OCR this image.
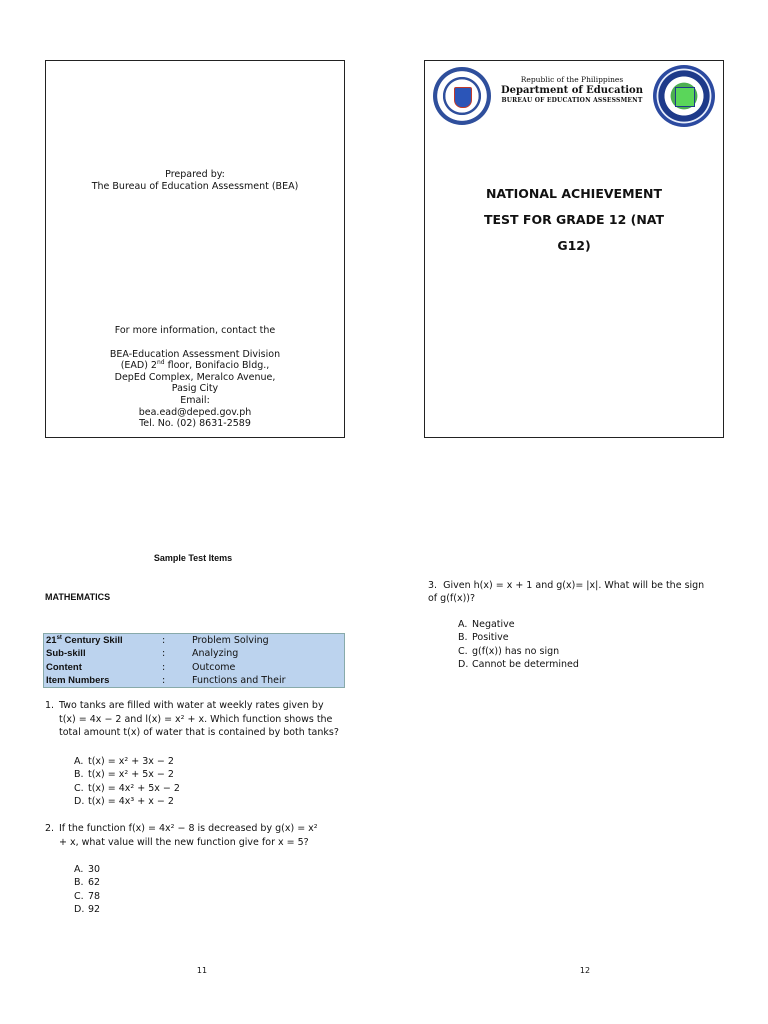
Prepared by:
The Bureau of Education Assessment (BEA)
For more information, contact the
BEA-Education Assessment Division
(EAD) 2nd floor, Bonifacio Bldg.,
DepEd Complex, Meralco Avenue,
Pasig City
Email:
bea.ead@deped.gov.ph
Tel. No. (02) 8631-2589
Republic of the Philippines
Department of Education
BUREAU OF EDUCATION ASSESSMENT
NATIONAL ACHIEVEMENT
TEST FOR GRADE 12 (NAT
G12)
Sample Test Items
MATHEMATICS
21st Century Skill	:	Problem Solving
Sub-skill	:	Analyzing
Content	:	Outcome
Item Numbers	:	Functions and Their
1. Two tanks are filled with water at weekly rates given by
t(x) = 4x − 2 and l(x) = x² + x. Which function shows the
total amount t(x) of water that is contained by both tanks?
A. t(x) = x² + 3x − 2
B. t(x) = x² + 5x − 2
C. t(x) = 4x² + 5x − 2
D. t(x) = 4x³ + x − 2
2. If the function f(x) = 4x² − 8 is decreased by g(x) = x²
+ x, what value will the new function give for x = 5?
A. 30
B. 62
C. 78
D. 92
3. Given h(x) = x + 1 and g(x)= |x|. What will be the sign
of g(f(x))?
A. Negative
B. Positive
C. g(f(x)) has no sign
D. Cannot be determined
11	12
